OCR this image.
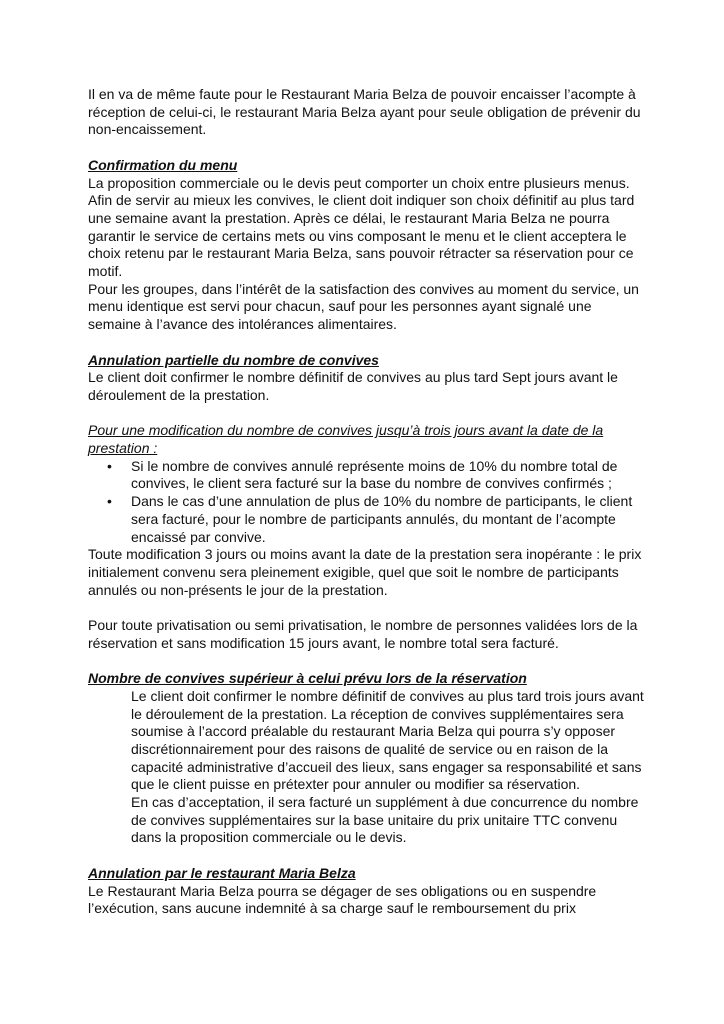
Il en va de même faute pour le Restaurant Maria Belza de pouvoir encaisser l’acompte à réception de celui-ci, le restaurant Maria Belza ayant pour seule obligation de prévenir du non-encaissement.

Confirmation du menu

La proposition commerciale ou le devis peut comporter un choix entre plusieurs menus. Afin de servir au mieux les convives, le client doit indiquer son choix définitif au plus tard une semaine avant la prestation. Après ce délai, le restaurant Maria Belza ne pourra garantir le service de certains mets ou vins composant le menu et le client acceptera le choix retenu par le restaurant Maria Belza, sans pouvoir rétracter sa réservation pour ce motif.

Pour les groupes, dans l’intérêt de la satisfaction des convives au moment du service, un menu identique est servi pour chacun, sauf pour les personnes ayant signalé une semaine à l’avance des intolérances alimentaires.

Annulation partielle du nombre de convives

Le client doit confirmer le nombre définitif de convives au plus tard Sept jours avant le déroulement de la prestation.

Pour une modification du nombre de convives jusqu’à trois jours avant la date de la prestation :

• Si le nombre de convives annulé représente moins de 10% du nombre total de convives, le client sera facturé sur la base du nombre de convives confirmés ;
• Dans le cas d’une annulation de plus de 10% du nombre de participants, le client sera facturé, pour le nombre de participants annulés, du montant de l’acompte encaissé par convive.

Toute modification 3 jours ou moins avant la date de la prestation sera inopérante : le prix initialement convenu sera pleinement exigible, quel que soit le nombre de participants annulés ou non-présents le jour de la prestation.

Pour toute privatisation ou semi privatisation, le nombre de personnes validées lors de la réservation et sans modification 15 jours avant, le nombre total sera facturé.

Nombre de convives supérieur à celui prévu lors de la réservation

Le client doit confirmer le nombre définitif de convives au plus tard trois jours avant le déroulement de la prestation. La réception de convives supplémentaires sera soumise à l’accord préalable du restaurant Maria Belza qui pourra s’y opposer discrétionnairement pour des raisons de qualité de service ou en raison de la capacité administrative d’accueil des lieux, sans engager sa responsabilité et sans que le client puisse en prétexter pour annuler ou modifier sa réservation.

En cas d’acceptation, il sera facturé un supplément à due concurrence du nombre de convives supplémentaires sur la base unitaire du prix unitaire TTC convenu dans la proposition commerciale ou le devis.

Annulation par le restaurant Maria Belza

Le Restaurant Maria Belza pourra se dégager de ses obligations ou en suspendre l’exécution, sans aucune indemnité à sa charge sauf le remboursement du prix
